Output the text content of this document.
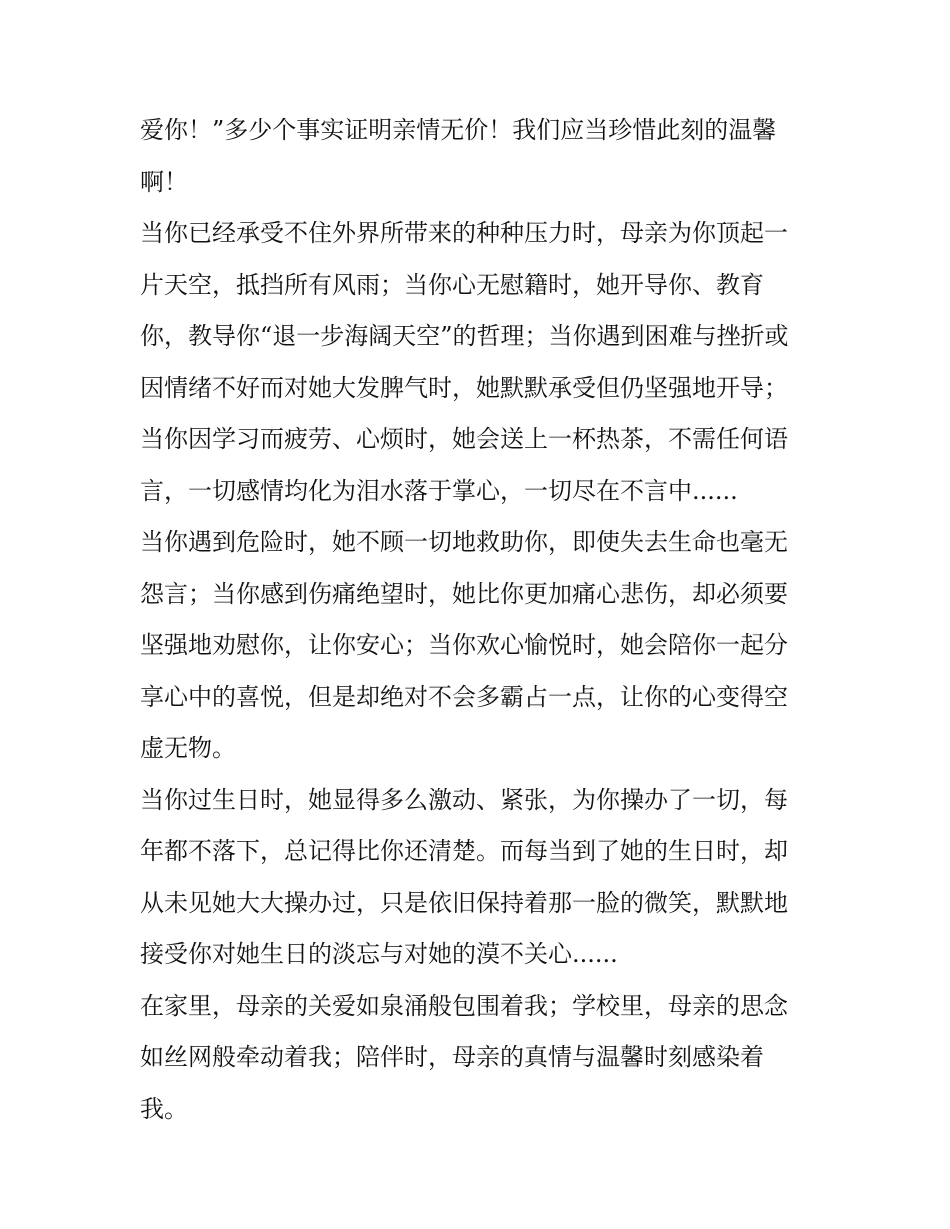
爱你！”多少个事实证明亲情无价！我们应当珍惜此刻的温馨
啊！

当你已经承受不住外界所带来的种种压力时，母亲为你顶起一
片天空，抵挡所有风雨；当你心无慰籍时，她开导你、教育
你，教导你“退一步海阔天空”的哲理；当你遇到困难与挫折或
因情绪不好而对她大发脾气时，她默默承受但仍坚强地开导；
当你因学习而疲劳、心烦时，她会送上一杯热茶，不需任何语
言，一切感情均化为泪水落于掌心，一切尽在不言中......

当你遇到危险时，她不顾一切地救助你，即使失去生命也毫无
怨言；当你感到伤痛绝望时，她比你更加痛心悲伤，却必须要
坚强地劝慰你，让你安心；当你欢心愉悦时，她会陪你一起分
享心中的喜悦，但是却绝对不会多霸占一点，让你的心变得空
虚无物。

当你过生日时，她显得多么激动、紧张，为你操办了一切，每
年都不落下，总记得比你还清楚。而每当到了她的生日时，却
从未见她大大操办过，只是依旧保持着那一脸的微笑，默默地
接受你对她生日的淡忘与对她的漠不关心......

在家里，母亲的关爱如泉涌般包围着我；学校里，母亲的思念
如丝网般牵动着我；陪伴时，母亲的真情与温馨时刻感染着
我。
